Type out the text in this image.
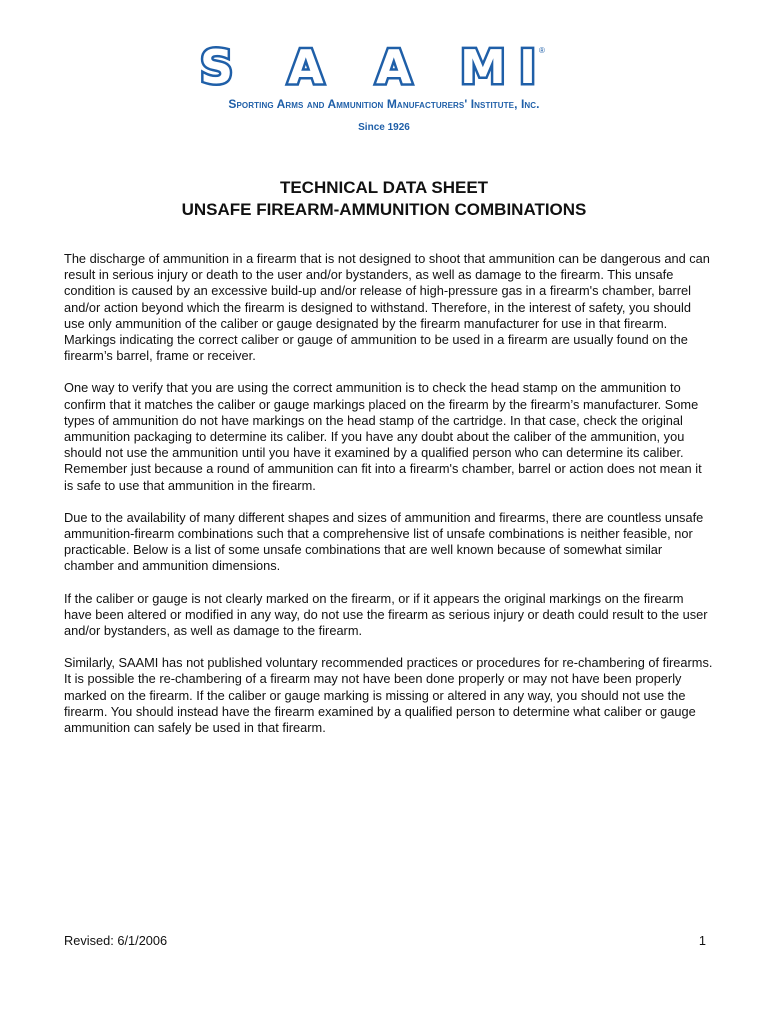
S A A M I ®
Sporting Arms and Ammunition Manufacturers' Institute, Inc.
Since 1926
TECHNICAL DATA SHEET
UNSAFE FIREARM-AMMUNITION COMBINATIONS

The discharge of ammunition in a firearm that is not designed to shoot that ammunition can be dangerous and can result in serious injury or death to the user and/or bystanders, as well as damage to the firearm. This unsafe condition is caused by an excessive build-up and/or release of high-pressure gas in a firearm's chamber, barrel and/or action beyond which the firearm is designed to withstand. Therefore, in the interest of safety, you should use only ammunition of the caliber or gauge designated by the firearm manufacturer for use in that firearm. Markings indicating the correct caliber or gauge of ammunition to be used in a firearm are usually found on the firearm’s barrel, frame or receiver.

One way to verify that you are using the correct ammunition is to check the head stamp on the ammunition to confirm that it matches the caliber or gauge markings placed on the firearm by the firearm’s manufacturer. Some types of ammunition do not have markings on the head stamp of the cartridge. In that case, check the original ammunition packaging to determine its caliber. If you have any doubt about the caliber of the ammunition, you should not use the ammunition until you have it examined by a qualified person who can determine its caliber. Remember just because a round of ammunition can fit into a firearm's chamber, barrel or action does not mean it is safe to use that ammunition in the firearm.

Due to the availability of many different shapes and sizes of ammunition and firearms, there are countless unsafe ammunition-firearm combinations such that a comprehensive list of unsafe combinations is neither feasible, nor practicable. Below is a list of some unsafe combinations that are well known because of somewhat similar chamber and ammunition dimensions.

If the caliber or gauge is not clearly marked on the firearm, or if it appears the original markings on the firearm have been altered or modified in any way, do not use the firearm as serious injury or death could result to the user and/or bystanders, as well as damage to the firearm.

Similarly, SAAMI has not published voluntary recommended practices or procedures for re-chambering of firearms. It is possible the re-chambering of a firearm may not have been done properly or may not have been properly marked on the firearm. If the caliber or gauge marking is missing or altered in any way, you should not use the firearm. You should instead have the firearm examined by a qualified person to determine what caliber or gauge ammunition can safely be used in that firearm.

Revised: 6/1/2006	1
